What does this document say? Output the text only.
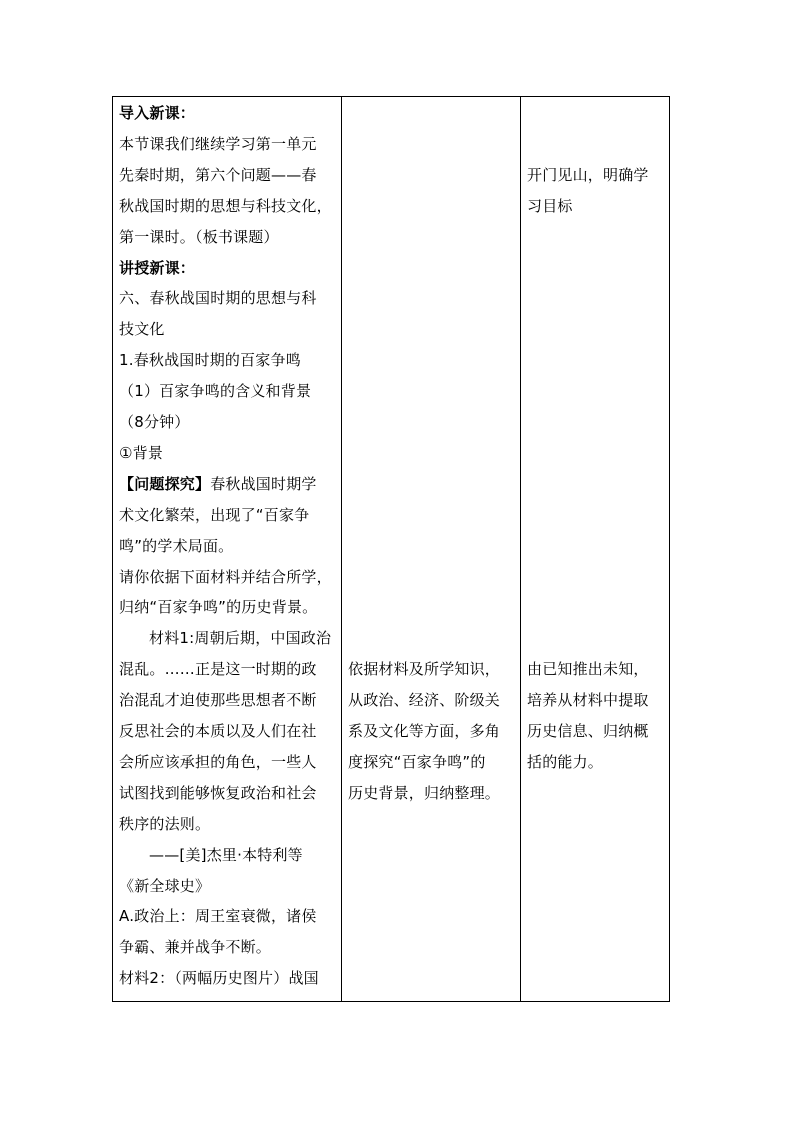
导入新课：
本节课我们继续学习第一单元
先秦时期，第六个问题——春
秋战国时期的思想与科技文化，
第一课时。（板书课题）
讲授新课：
六、春秋战国时期的思想与科
技文化
1.春秋战国时期的百家争鸣
（1）百家争鸣的含义和背景
（8分钟）
①背景
【问题探究】春秋战国时期学
术文化繁荣，出现了“百家争
鸣”的学术局面。
请你依据下面材料并结合所学，
归纳“百家争鸣”的历史背景。
材料1:周朝后期，中国政治
混乱。……正是这一时期的政
治混乱才迫使那些思想者不断
反思社会的本质以及人们在社
会所应该承担的角色，一些人
试图找到能够恢复政治和社会
秩序的法则。
——[美]杰里·本特利等
《新全球史》
A.政治上：周王室衰微，诸侯
争霸、兼并战争不断。
材料2：（两幅历史图片）战国

依据材料及所学知识，
从政治、经济、阶级关
系及文化等方面，多角
度探究“百家争鸣”的
历史背景，归纳整理。

开门见山，明确学
习目标
由已知推出未知，
培养从材料中提取
历史信息、归纳概
括的能力。
